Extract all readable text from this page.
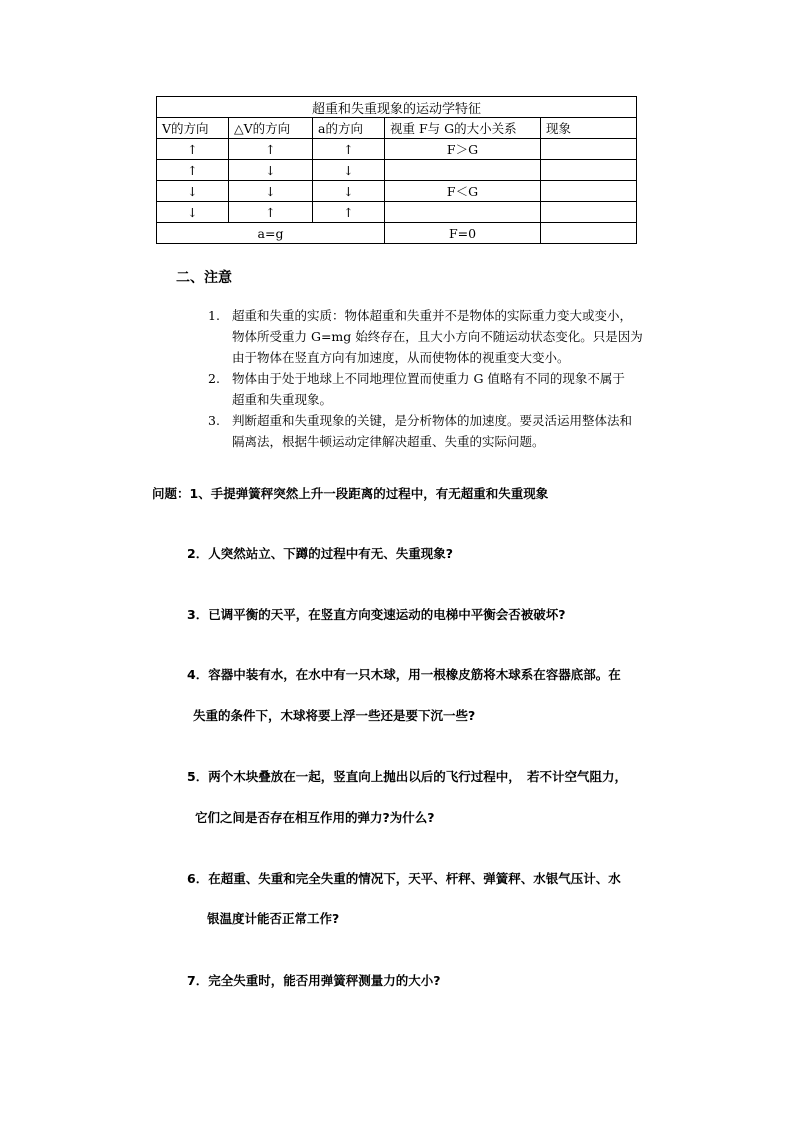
超重和失重现象的运动学特征				
V的方向	△V的方向	a的方向	视重 F与 G的大小关系	现象
↑	↑	↑	F＞G	
↑	↓	↓		
↓	↓	↓	F＜G	
↓	↑	↑		
a=g			F=0	
二、注意
1. 超重和失重的实质：物体超重和失重并不是物体的实际重力变大或变小，
物体所受重力 G=mg 始终存在，且大小方向不随运动状态变化。只是因为
由于物体在竖直方向有加速度，从而使物体的视重变大变小。
2. 物体由于处于地球上不同地理位置而使重力 G 值略有不同的现象不属于
超重和失重现象。
3. 判断超重和失重现象的关键，是分析物体的加速度。要灵活运用整体法和
隔离法，根据牛顿运动定律解决超重、失重的实际问题。
问题：1、手提弹簧秤突然上升一段距离的过程中，有无超重和失重现象
2．人突然站立、下蹲的过程中有无、失重现象?
3．已调平衡的天平，在竖直方向变速运动的电梯中平衡会否被破坏?
4．容器中装有水，在水中有一只木球，用一根橡皮筋将木球系在容器底部。在
失重的条件下，木球将要上浮一些还是要下沉一些?
5．两个木块叠放在一起，竖直向上抛出以后的飞行过程中，　若不计空气阻力，
它们之间是否存在相互作用的弹力?为什么?
6．在超重、失重和完全失重的情况下，天平、杆秤、弹簧秤、水银气压计、水
银温度计能否正常工作?
7．完全失重时，能否用弹簧秤测量力的大小?
